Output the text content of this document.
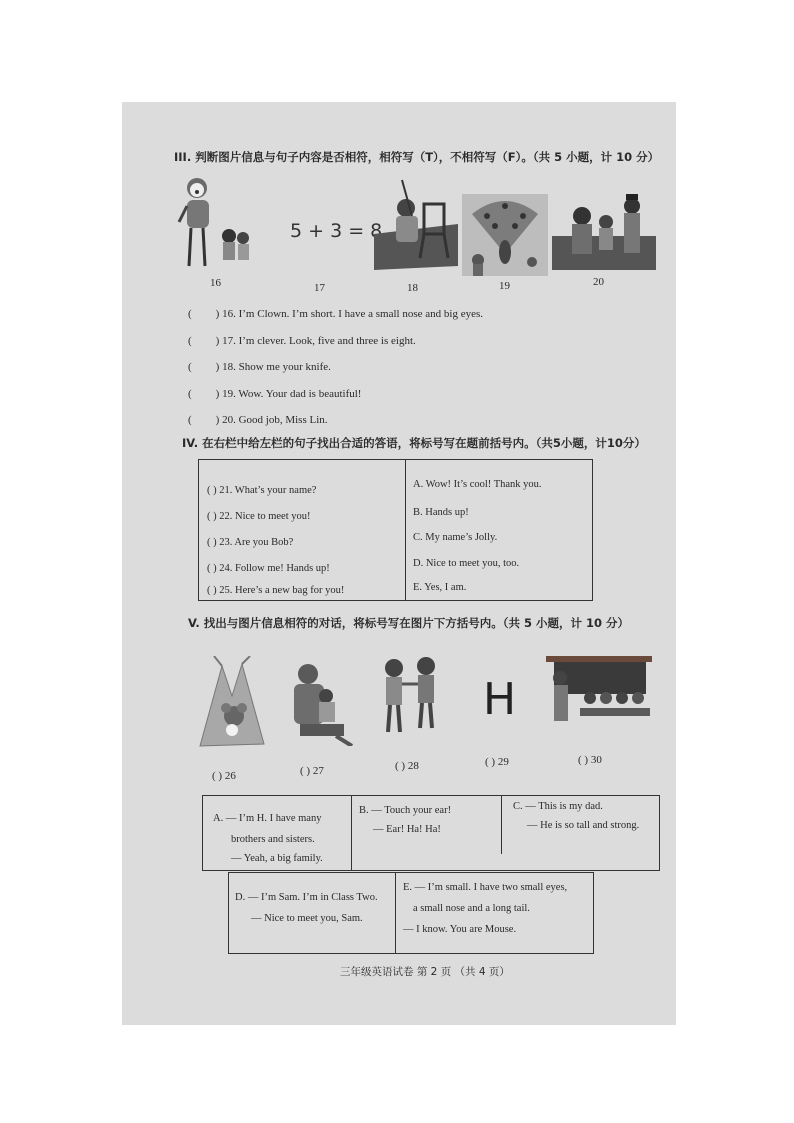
III. 判断图片信息与句子内容是否相符，相符写（T），不相符写（F）。（共 5 小题，计 10 分）
5 + 3 = 8
16	17	18	19	20
( ) 16. I’m Clown. I’m short. I have a small nose and big eyes.
( ) 17. I’m clever. Look, five and three is eight.
( ) 18. Show me your knife.
( ) 19. Wow. Your dad is beautiful!
( ) 20. Good job, Miss Lin.
IV. 在右栏中给左栏的句子找出合适的答语，将标号写在题前括号内。（共5小题，计10分）
( ) 21. What’s your name?
( ) 22. Nice to meet you!
( ) 23. Are you Bob?
( ) 24. Follow me! Hands up!
( ) 25. Here’s a new bag for you!
A. Wow! It’s cool! Thank you.
B. Hands up!
C. My name’s Jolly.
D. Nice to meet you, too.
E. Yes, I am.
V. 找出与图片信息相符的对话，将标号写在图片下方括号内。（共 5 小题，计 10 分）
H
( ) 26	( ) 27	( ) 28	( ) 29	( ) 30
A. — I’m H. I have many
brothers and sisters.
— Yeah, a big family.
B. — Touch your ear!
— Ear! Ha! Ha!
C. — This is my dad.
— He is so tall and strong.
D. — I’m Sam. I’m in Class Two.
— Nice to meet you, Sam.
E. — I’m small. I have two small eyes,
a small nose and a long tail.
— I know. You are Mouse.
三年级英语试卷 第 2 页 （共 4 页）
